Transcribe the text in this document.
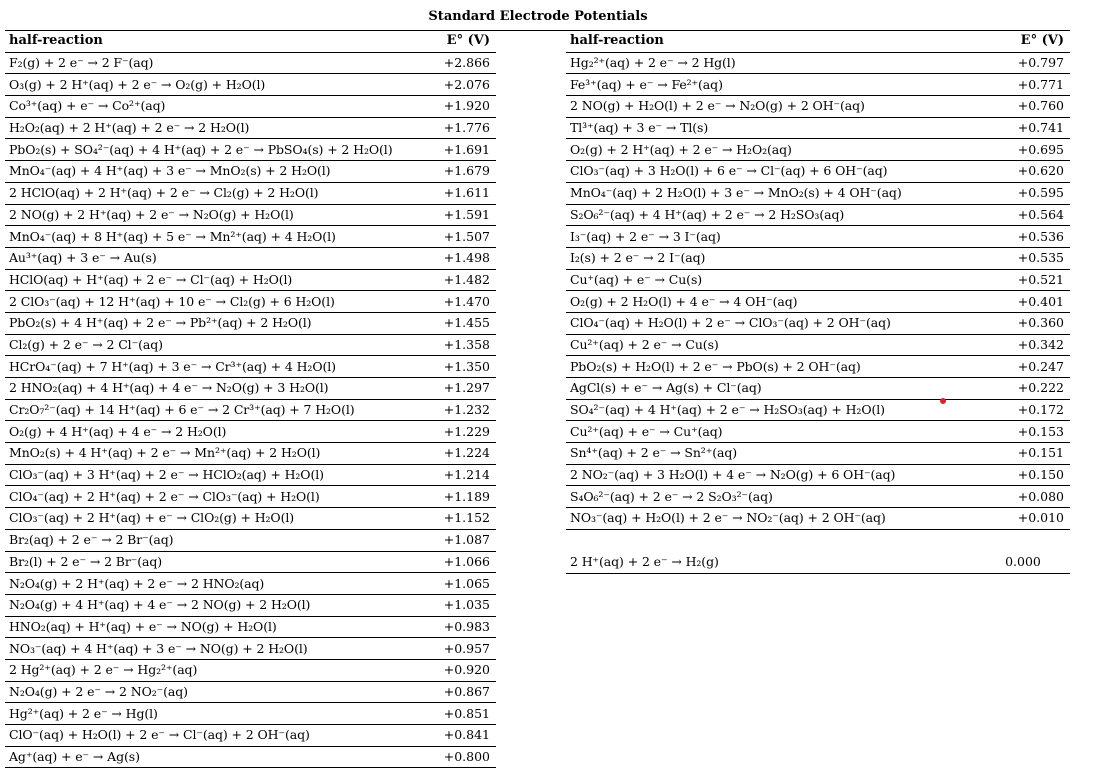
Standard Electrode Potentials
half-reaction	E° (V)
F₂(g) + 2 e⁻ → 2 F⁻(aq)	+2.866
O₃(g) + 2 H⁺(aq) + 2 e⁻ → O₂(g) + H₂O(l)	+2.076
Co³⁺(aq) + e⁻ → Co²⁺(aq)	+1.920
H₂O₂(aq) + 2 H⁺(aq) + 2 e⁻ → 2 H₂O(l)	+1.776
PbO₂(s) + SO₄²⁻(aq) + 4 H⁺(aq) + 2 e⁻ → PbSO₄(s) + 2 H₂O(l)	+1.691
MnO₄⁻(aq) + 4 H⁺(aq) + 3 e⁻ → MnO₂(s) + 2 H₂O(l)	+1.679
2 HClO(aq) + 2 H⁺(aq) + 2 e⁻ → Cl₂(g) + 2 H₂O(l)	+1.611
2 NO(g) + 2 H⁺(aq) + 2 e⁻ → N₂O(g) + H₂O(l)	+1.591
MnO₄⁻(aq) + 8 H⁺(aq) + 5 e⁻ → Mn²⁺(aq) + 4 H₂O(l)	+1.507
Au³⁺(aq) + 3 e⁻ → Au(s)	+1.498
HClO(aq) + H⁺(aq) + 2 e⁻ → Cl⁻(aq) + H₂O(l)	+1.482
2 ClO₃⁻(aq) + 12 H⁺(aq) + 10 e⁻ → Cl₂(g) + 6 H₂O(l)	+1.470
PbO₂(s) + 4 H⁺(aq) + 2 e⁻ → Pb²⁺(aq) + 2 H₂O(l)	+1.455
Cl₂(g) + 2 e⁻ → 2 Cl⁻(aq)	+1.358
HCrO₄⁻(aq) + 7 H⁺(aq) + 3 e⁻ → Cr³⁺(aq) + 4 H₂O(l)	+1.350
2 HNO₂(aq) + 4 H⁺(aq) + 4 e⁻ → N₂O(g) + 3 H₂O(l)	+1.297
Cr₂O₇²⁻(aq) + 14 H⁺(aq) + 6 e⁻ → 2 Cr³⁺(aq) + 7 H₂O(l)	+1.232
O₂(g) + 4 H⁺(aq) + 4 e⁻ → 2 H₂O(l)	+1.229
MnO₂(s) + 4 H⁺(aq) + 2 e⁻ → Mn²⁺(aq) + 2 H₂O(l)	+1.224
ClO₃⁻(aq) + 3 H⁺(aq) + 2 e⁻ → HClO₂(aq) + H₂O(l)	+1.214
ClO₄⁻(aq) + 2 H⁺(aq) + 2 e⁻ → ClO₃⁻(aq) + H₂O(l)	+1.189
ClO₃⁻(aq) + 2 H⁺(aq) + e⁻ → ClO₂(g) + H₂O(l)	+1.152
Br₂(aq) + 2 e⁻ → 2 Br⁻(aq)	+1.087
Br₂(l) + 2 e⁻ → 2 Br⁻(aq)	+1.066
N₂O₄(g) + 2 H⁺(aq) + 2 e⁻ → 2 HNO₂(aq)	+1.065
N₂O₄(g) + 4 H⁺(aq) + 4 e⁻ → 2 NO(g) + 2 H₂O(l)	+1.035
HNO₂(aq) + H⁺(aq) + e⁻ → NO(g) + H₂O(l)	+0.983
NO₃⁻(aq) + 4 H⁺(aq) + 3 e⁻ → NO(g) + 2 H₂O(l)	+0.957
2 Hg²⁺(aq) + 2 e⁻ → Hg₂²⁺(aq)	+0.920
N₂O₄(g) + 2 e⁻ → 2 NO₂⁻(aq)	+0.867
Hg²⁺(aq) + 2 e⁻ → Hg(l)	+0.851
ClO⁻(aq) + H₂O(l) + 2 e⁻ → Cl⁻(aq) + 2 OH⁻(aq)	+0.841
Ag⁺(aq) + e⁻ → Ag(s)	+0.800
half-reaction	E° (V)
Hg₂²⁺(aq) + 2 e⁻ → 2 Hg(l)	+0.797
Fe³⁺(aq) + e⁻ → Fe²⁺(aq)	+0.771
2 NO(g) + H₂O(l) + 2 e⁻ → N₂O(g) + 2 OH⁻(aq)	+0.760
Tl³⁺(aq) + 3 e⁻ → Tl(s)	+0.741
O₂(g) + 2 H⁺(aq) + 2 e⁻ → H₂O₂(aq)	+0.695
ClO₃⁻(aq) + 3 H₂O(l) + 6 e⁻ → Cl⁻(aq) + 6 OH⁻(aq)	+0.620
MnO₄⁻(aq) + 2 H₂O(l) + 3 e⁻ → MnO₂(s) + 4 OH⁻(aq)	+0.595
S₂O₆²⁻(aq) + 4 H⁺(aq) + 2 e⁻ → 2 H₂SO₃(aq)	+0.564
I₃⁻(aq) + 2 e⁻ → 3 I⁻(aq)	+0.536
I₂(s) + 2 e⁻ → 2 I⁻(aq)	+0.535
Cu⁺(aq) + e⁻ → Cu(s)	+0.521
O₂(g) + 2 H₂O(l) + 4 e⁻ → 4 OH⁻(aq)	+0.401
ClO₄⁻(aq) + H₂O(l) + 2 e⁻ → ClO₃⁻(aq) + 2 OH⁻(aq)	+0.360
Cu²⁺(aq) + 2 e⁻ → Cu(s)	+0.342
PbO₂(s) + H₂O(l) + 2 e⁻ → PbO(s) + 2 OH⁻(aq)	+0.247
AgCl(s) + e⁻ → Ag(s) + Cl⁻(aq)	+0.222
SO₄²⁻(aq) + 4 H⁺(aq) + 2 e⁻ → H₂SO₃(aq) + H₂O(l)	+0.172
Cu²⁺(aq) + e⁻ → Cu⁺(aq)	+0.153
Sn⁴⁺(aq) + 2 e⁻ → Sn²⁺(aq)	+0.151
2 NO₂⁻(aq) + 3 H₂O(l) + 4 e⁻ → N₂O(g) + 6 OH⁻(aq)	+0.150
S₄O₆²⁻(aq) + 2 e⁻ → 2 S₂O₃²⁻(aq)	+0.080
NO₃⁻(aq) + H₂O(l) + 2 e⁻ → NO₂⁻(aq) + 2 OH⁻(aq)	+0.010

2 H⁺(aq) + 2 e⁻ → H₂(g)	0.000
